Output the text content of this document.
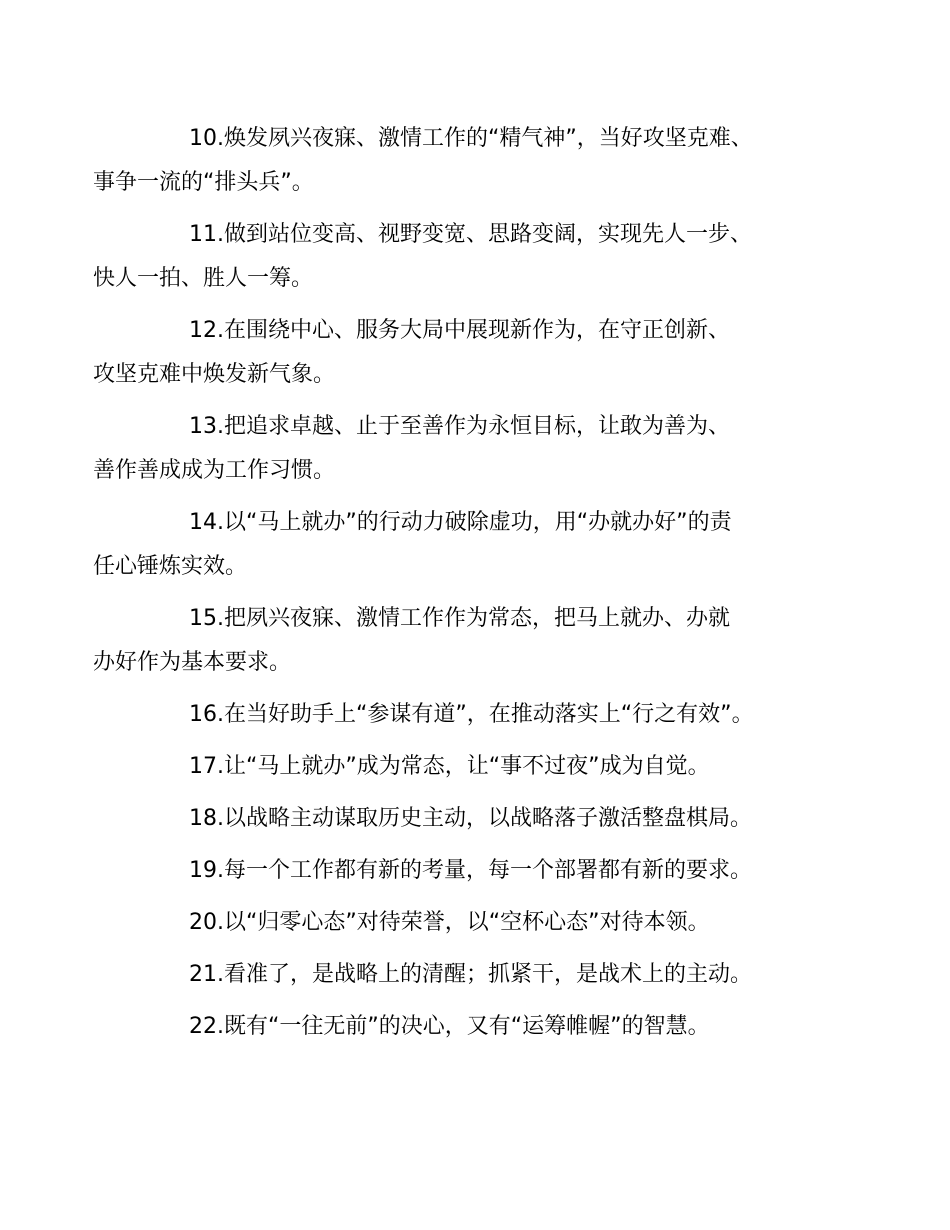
10.焕发夙兴夜寐、激情工作的“精气神”，当好攻坚克难、
事争一流的“排头兵”。

11.做到站位变高、视野变宽、思路变阔，实现先人一步、
快人一拍、胜人一筹。

12.在围绕中心、服务大局中展现新作为，在守正创新、
攻坚克难中焕发新气象。

13.把追求卓越、止于至善作为永恒目标，让敢为善为、
善作善成成为工作习惯。

14.以“马上就办”的行动力破除虚功，用“办就办好”的责
任心锤炼实效。

15.把夙兴夜寐、激情工作作为常态，把马上就办、办就
办好作为基本要求。

16.在当好助手上“参谋有道”，在推动落实上“行之有效”。

17.让“马上就办”成为常态，让“事不过夜”成为自觉。

18.以战略主动谋取历史主动，以战略落子激活整盘棋局。

19.每一个工作都有新的考量，每一个部署都有新的要求。

20.以“归零心态”对待荣誉，以“空杯心态”对待本领。

21.看准了，是战略上的清醒；抓紧干，是战术上的主动。

22.既有“一往无前”的决心，又有“运筹帷幄”的智慧。
